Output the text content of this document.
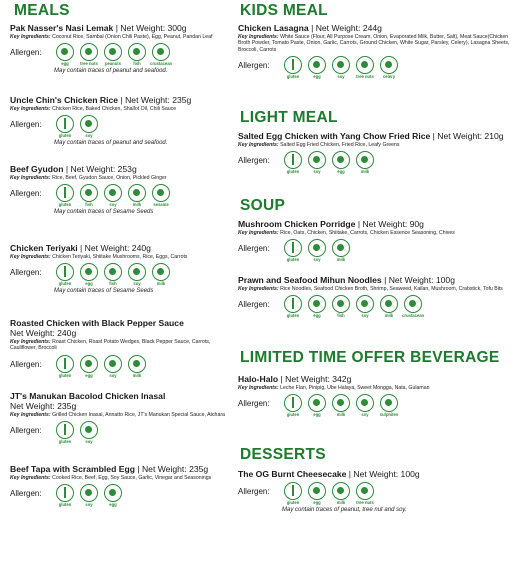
MEALS
Pak Nasser's Nasi Lemak | Net Weight: 300g
Key Ingredients: Coconut Rice, Sambal (Onion Chili Paste), Egg, Peanut, Pandan Leaf
Allergen:
egg	tree nuts	peanuts	fish	crustacean
May contain traces of peanut and seafood.
Uncle Chin's Chicken Rice | Net Weight: 235g
Key Ingredients: Chicken Rice, Baked Chicken, Shallot Oil, Chili Sauce
Allergen:
gluten	soy
May contain traces of peanut and seafood.
Beef Gyudon | Net Weight: 253g
Key Ingredients: Rice, Beef, Gyudon Sauce, Onion, Pickled Ginger
Allergen:
gluten	fish	soy	milk	sesame
May contain traces of Sesame Seeds
Chicken Teriyaki | Net Weight: 240g
Key Ingredients: Chicken Teriyaki, Shiitake Mushrooms, Rice, Eggs, Carrots
Allergen:
gluten	egg	fish	soy	milk
May contain traces of Sesame Seeds
Roasted Chicken with Black Pepper Sauce
Net Weight: 240g
Key Ingredients: Roast Chicken, Roast Potato Wedges, Black Pepper Sauce, Carrots, Cauliflower, Broccoli
Allergen:
gluten	egg	soy	milk
JT's Manukan Bacolod Chicken Inasal
Net Weight: 235g
Key Ingredients: Grilled Chicken Inasal, Annatto Rice, JT's Manukan Special Sauce, Atchara
Allergen:
gluten	soy
Beef Tapa with Scrambled Egg | Net Weight: 235g
Key Ingredients: Cooked Rice, Beef, Egg, Soy Sauce, Garlic, Vinegar and Seasonings
Allergen:
gluten	soy	egg
KIDS MEAL
Chicken Lasagna | Net Weight: 244g
Key Ingredients: White Sauce (Flour, All Purpose Cream, Onion, Evaporated Milk, Butter, Salt), Meat Sauce(Chicken Broth Powder, Tomato Paste, Onion, Garlic, Carrots, Ground Chicken, White Sugar, Parsley, Celery), Lasagna Sheets, Broccoli, Carrots
Allergen:
gluten	egg	soy	tree nuts	celery
LIGHT MEAL
Salted Egg Chicken with Yang Chow Fried Rice | Net Weight: 210g
Key Ingredients: Salted Egg Fried Chicken, Fried Rice, Leafy Greens
Allergen:
gluten	soy	egg	milk
SOUP
Mushroom Chicken Porridge | Net Weight: 90g
Key Ingredients: Rice, Oats, Chicken, Shiitake, Carrots, Chicken Essence Seasoning, Chives
Allergen:
gluten	soy	milk
Prawn and Seafood Mihun Noodles | Net Weight: 100g
Key Ingredients: Rice Noodles, Seafood Chicken Broth, Shrimp, Seaweed, Kailan, Mushroom, Crabstick, Tofu Bits
Allergen:
gluten	egg	fish	soy	milk	crustacean
LIMITED TIME OFFER BEVERAGE
Halo-Halo | Net Weight: 342g
Key Ingredients: Leche Flan, Pinipig, Ube Halaya, Sweet Mongga, Nata, Gulaman
Allergen:
gluten	egg	milk	soy	sulphites
DESSERTS
The OG Burnt Cheesecake | Net Weight: 100g
Allergen:
gluten	egg	milk	tree nuts
May contain traces of peanut, tree nut and soy.
